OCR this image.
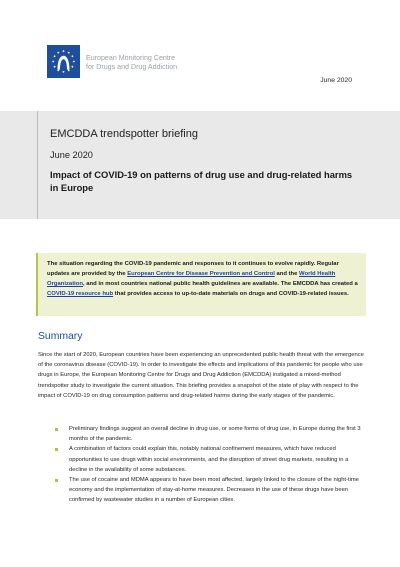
European Monitoring Centre
for Drugs and Drug Addiction
June 2020
EMCDDA trendspotter briefing
June 2020
Impact of COVID-19 on patterns of drug use and drug-related harms in Europe
The situation regarding the COVID-19 pandemic and responses to it continues to evolve rapidly. Regular updates are provided by the European Centre for Disease Prevention and Control and the World Health Organization, and in most countries national public health guidelines are available. The EMCDDA has created a COVID-19 resource hub that provides access to up-to-date materials on drugs and COVID-19-related issues.
Summary
Since the start of 2020, European countries have been experiencing an unprecedented public health threat with the emergence of the coronavirus disease (COVID-19). In order to investigate the effects and implications of this pandemic for people who use drugs in Europe, the European Monitoring Centre for Drugs and Drug Addiction (EMCDDA) instigated a mixed-method trendspotter study to investigate the current situation. This briefing provides a snapshot of the state of play with respect to the impact of COVID-19 on drug consumption patterns and drug-related harms during the early stages of the pandemic.
Preliminary findings suggest an overall decline in drug use, or some forms of drug use, in Europe during the first 3 months of the pandemic.
A combination of factors could explain this, notably national confinement measures, which have reduced opportunities to use drugs within social environments, and the disruption of street drug markets, resulting in a decline in the availability of some substances.
The use of cocaine and MDMA appears to have been most affected, largely linked to the closure of the night-time economy and the implementation of stay-at-home measures. Decreases in the use of these drugs have been confirmed by wastewater studies in a number of European cities.
